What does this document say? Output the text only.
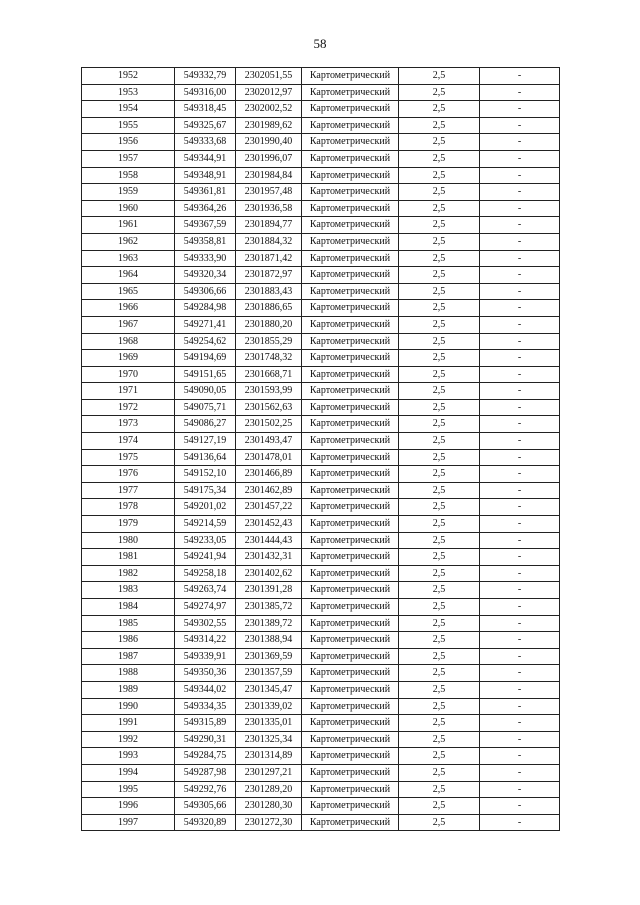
58
1952	549332,79	2302051,55	Картометрический	2,5	-
1953	549316,00	2302012,97	Картометрический	2,5	-
1954	549318,45	2302002,52	Картометрический	2,5	-
1955	549325,67	2301989,62	Картометрический	2,5	-
1956	549333,68	2301990,40	Картометрический	2,5	-
1957	549344,91	2301996,07	Картометрический	2,5	-
1958	549348,91	2301984,84	Картометрический	2,5	-
1959	549361,81	2301957,48	Картометрический	2,5	-
1960	549364,26	2301936,58	Картометрический	2,5	-
1961	549367,59	2301894,77	Картометрический	2,5	-
1962	549358,81	2301884,32	Картометрический	2,5	-
1963	549333,90	2301871,42	Картометрический	2,5	-
1964	549320,34	2301872,97	Картометрический	2,5	-
1965	549306,66	2301883,43	Картометрический	2,5	-
1966	549284,98	2301886,65	Картометрический	2,5	-
1967	549271,41	2301880,20	Картометрический	2,5	-
1968	549254,62	2301855,29	Картометрический	2,5	-
1969	549194,69	2301748,32	Картометрический	2,5	-
1970	549151,65	2301668,71	Картометрический	2,5	-
1971	549090,05	2301593,99	Картометрический	2,5	-
1972	549075,71	2301562,63	Картометрический	2,5	-
1973	549086,27	2301502,25	Картометрический	2,5	-
1974	549127,19	2301493,47	Картометрический	2,5	-
1975	549136,64	2301478,01	Картометрический	2,5	-
1976	549152,10	2301466,89	Картометрический	2,5	-
1977	549175,34	2301462,89	Картометрический	2,5	-
1978	549201,02	2301457,22	Картометрический	2,5	-
1979	549214,59	2301452,43	Картометрический	2,5	-
1980	549233,05	2301444,43	Картометрический	2,5	-
1981	549241,94	2301432,31	Картометрический	2,5	-
1982	549258,18	2301402,62	Картометрический	2,5	-
1983	549263,74	2301391,28	Картометрический	2,5	-
1984	549274,97	2301385,72	Картометрический	2,5	-
1985	549302,55	2301389,72	Картометрический	2,5	-
1986	549314,22	2301388,94	Картометрический	2,5	-
1987	549339,91	2301369,59	Картометрический	2,5	-
1988	549350,36	2301357,59	Картометрический	2,5	-
1989	549344,02	2301345,47	Картометрический	2,5	-
1990	549334,35	2301339,02	Картометрический	2,5	-
1991	549315,89	2301335,01	Картометрический	2,5	-
1992	549290,31	2301325,34	Картометрический	2,5	-
1993	549284,75	2301314,89	Картометрический	2,5	-
1994	549287,98	2301297,21	Картометрический	2,5	-
1995	549292,76	2301289,20	Картометрический	2,5	-
1996	549305,66	2301280,30	Картометрический	2,5	-
1997	549320,89	2301272,30	Картометрический	2,5	-
